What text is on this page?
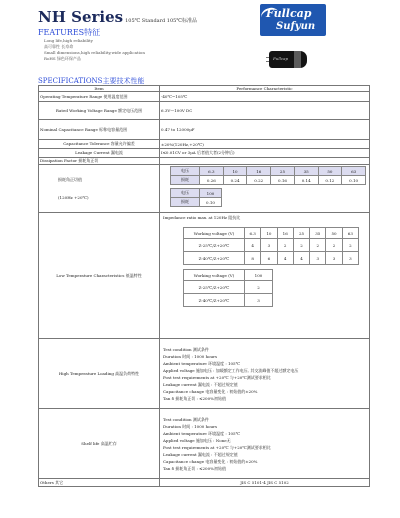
NH Series 105℃ Standard 105℃标准品
Fullcap
Sufyun
FEATURES特征
Long life,high reliability
高可靠性 长寿命
Small dimensions,high reliability,wide application
RoHS 绿色环保产品	Fullcap
SPECIFICATIONS主要技术性能
Item	Performance Characteristic
Operating Temperature Range 使用温度范围	-40℃~105℃
Rated Working Voltage Range 额定电压范围	6.3V～100V DC
Nominal Capacitance Range 标称电容量范围	0.47 to 12000μF
Capacitance Tolerance 容量允许偏差	±20%(120Hz,+20℃)
Leakage Current 漏电流	I≤0.01CV or 3μA 后者值大者(2分钟后)
Dissipation Factor 损耗角正切	

损耗角正切值
(120Hz +20℃)

电压	6.3	10	16	25	35	50	63
损耗	0.26	0.24	0.22	0.16	0.14	0.12	0.10
电压	100
损耗	0.10

Low Temperature Characteristics 低温特性	
Impedance ratio max. at 120Hz 阻抗比
Working voltage (V)	6.3	10	16	25	35	50	63
Z-25℃/Z+20℃	4	3	2	2	2	2	2
Z-40℃/Z+20℃	8	6	4	4	3	3	3
Working voltage (V)	100
Z-25℃/Z+20℃	2
Z-40℃/Z+20℃	3

High Temperature Loading 高温负荷特性	
Test condition 测试条件
Duration 时间 : 1000 hours
Ambient temperature 环境温度 : 105℃
Applied voltage 施加电压 : 加载额定工作电压, 其交流峰值不超过额定电压
Post test requirements at +20℃ 与+20℃测试要求相比
Leakage current 漏电流 : 不超过规定值
Capacitance change 电容量变化 : 初始值的±20%
Tan δ 损耗角正切 : ≤200%初始值

Shelf life 高温贮存	
Test condition 测试条件
Duration 时间 : 1000 hours
Ambient temperature 环境温度 : 105℃
Applied voltage 施加电压 : None无
Post test requirements at +20℃ 与+20℃测试要求相比
Leakage current 漏电流 : 不超过规定值
Capacitance change 电容量变化 : 初始值的±20%
Tan δ 损耗角正切 : ≤200%初始值

Others 其它	JIS C 5101-4 JIS C 5102
